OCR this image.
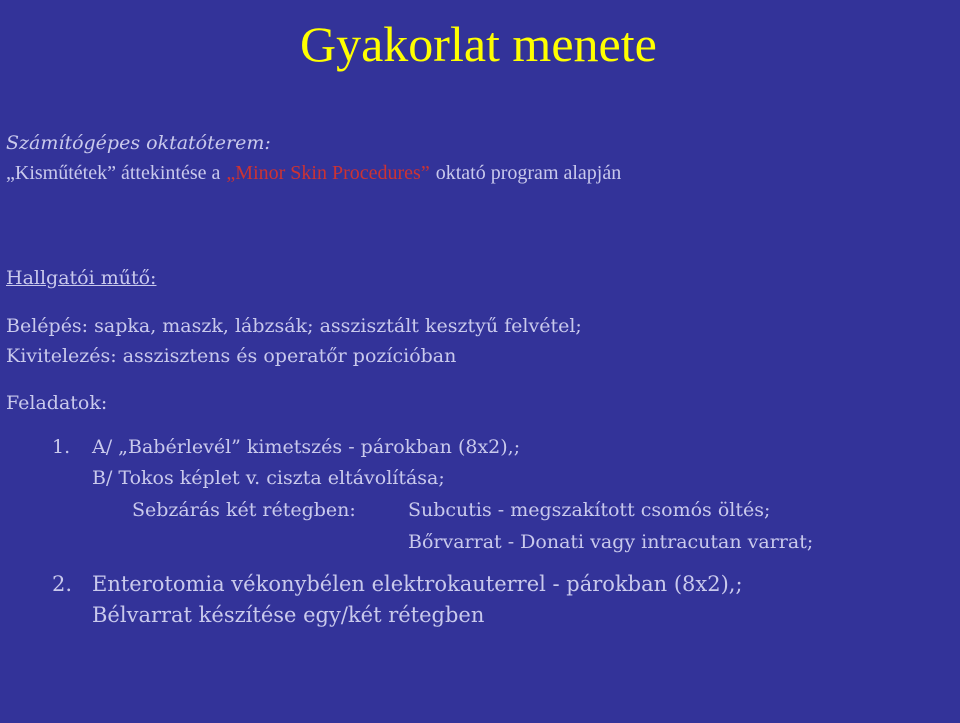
Gyakorlat menete
Számítógépes oktatóterem:
„Kisműtétek” áttekintése a „Minor Skin Procedures” oktató program alapján
Hallgatói műtő:
Belépés: sapka, maszk, lábzsák; asszisztált kesztyű felvétel;
Kivitelezés: asszisztens és operatőr pozícióban
Feladatok:
1. A/ „Babérlevél” kimetszés - párokban (8x2),;
B/ Tokos képlet v. ciszta eltávolítása;
Sebzárás két rétegben:	Subcutis - megszakított csomós öltés;
Bőrvarrat - Donati vagy intracutan varrat;
2. Enterotomia vékonybélen elektrokauterrel - párokban (8x2),;
Bélvarrat készítése egy/két rétegben
